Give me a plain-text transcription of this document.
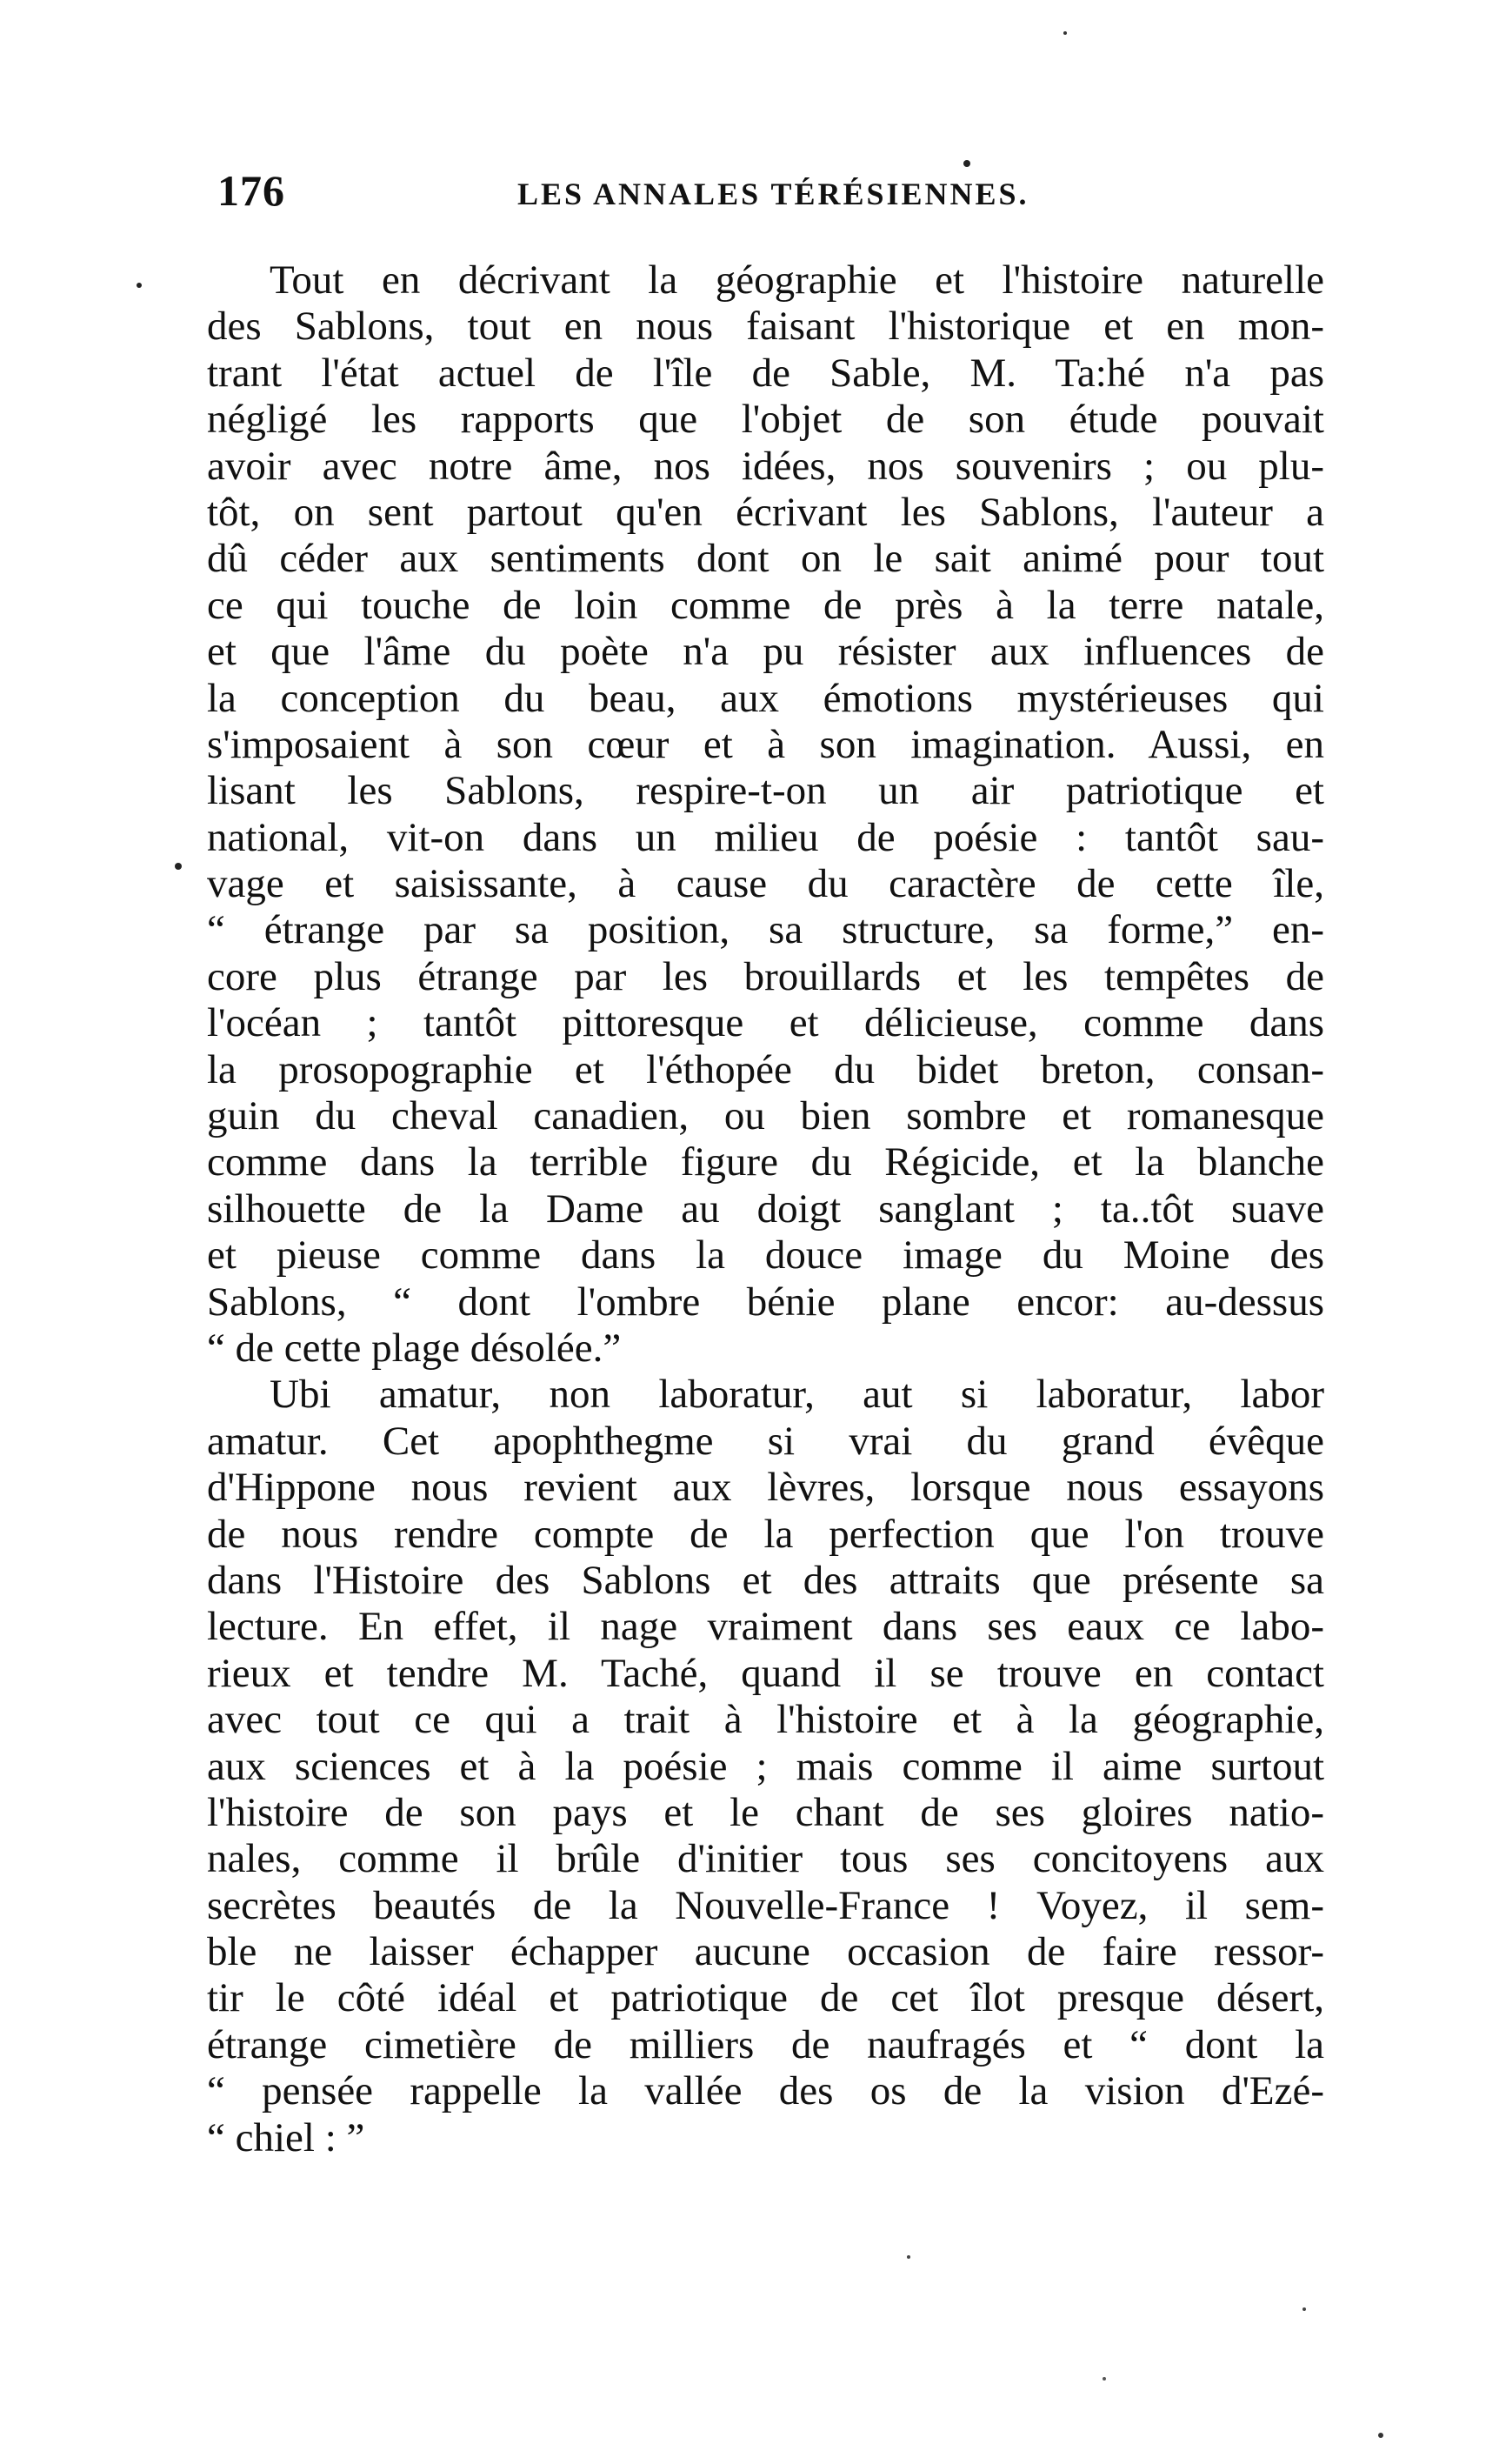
176	LES ANNALES TÉRÉSIENNES.
Tout en décrivant la géographie et l'histoire naturelle
des Sablons, tout en nous faisant l'historique et en mon-
trant l'état actuel de l'île de Sable, M. Ta:hé n'a pas
négligé les rapports que l'objet de son étude pouvait
avoir avec notre âme, nos idées, nos souvenirs ; ou plu-
tôt, on sent partout qu'en écrivant les Sablons, l'auteur a
dû céder aux sentiments dont on le sait animé pour tout
ce qui touche de loin comme de près à la terre natale,
et que l'âme du poète n'a pu résister aux influences de
la conception du beau, aux émotions mystérieuses qui
s'imposaient à son cœur et à son imagination. Aussi, en
lisant les Sablons, respire-t-on un air patriotique et
national, vit-on dans un milieu de poésie : tantôt sau-
vage et saisissante, à cause du caractère de cette île,
“ étrange par sa position, sa structure, sa forme,” en-
core plus étrange par les brouillards et les tempêtes de
l'océan ; tantôt pittoresque et délicieuse, comme dans
la prosopographie et l'éthopée du bidet breton, consan-
guin du cheval canadien, ou bien sombre et romanesque
comme dans la terrible figure du Régicide, et la blanche
silhouette de la Dame au doigt sanglant ; ta..tôt suave
et pieuse comme dans la douce image du Moine des
Sablons, “ dont l'ombre bénie plane encor: au-dessus
“ de cette plage désolée.”
Ubi amatur, non laboratur, aut si laboratur, labor
amatur. Cet apophthegme si vrai du grand évêque
d'Hippone nous revient aux lèvres, lorsque nous essayons
de nous rendre compte de la perfection que l'on trouve
dans l'Histoire des Sablons et des attraits que présente sa
lecture. En effet, il nage vraiment dans ses eaux ce labo-
rieux et tendre M. Taché, quand il se trouve en contact
avec tout ce qui a trait à l'histoire et à la géographie,
aux sciences et à la poésie ; mais comme il aime surtout
l'histoire de son pays et le chant de ses gloires natio-
nales, comme il brûle d'initier tous ses concitoyens aux
secrètes beautés de la Nouvelle-France ! Voyez, il sem-
ble ne laisser échapper aucune occasion de faire ressor-
tir le côté idéal et patriotique de cet îlot presque désert,
étrange cimetière de milliers de naufragés et “ dont la
“ pensée rappelle la vallée des os de la vision d'Ezé-
“ chiel : ”
